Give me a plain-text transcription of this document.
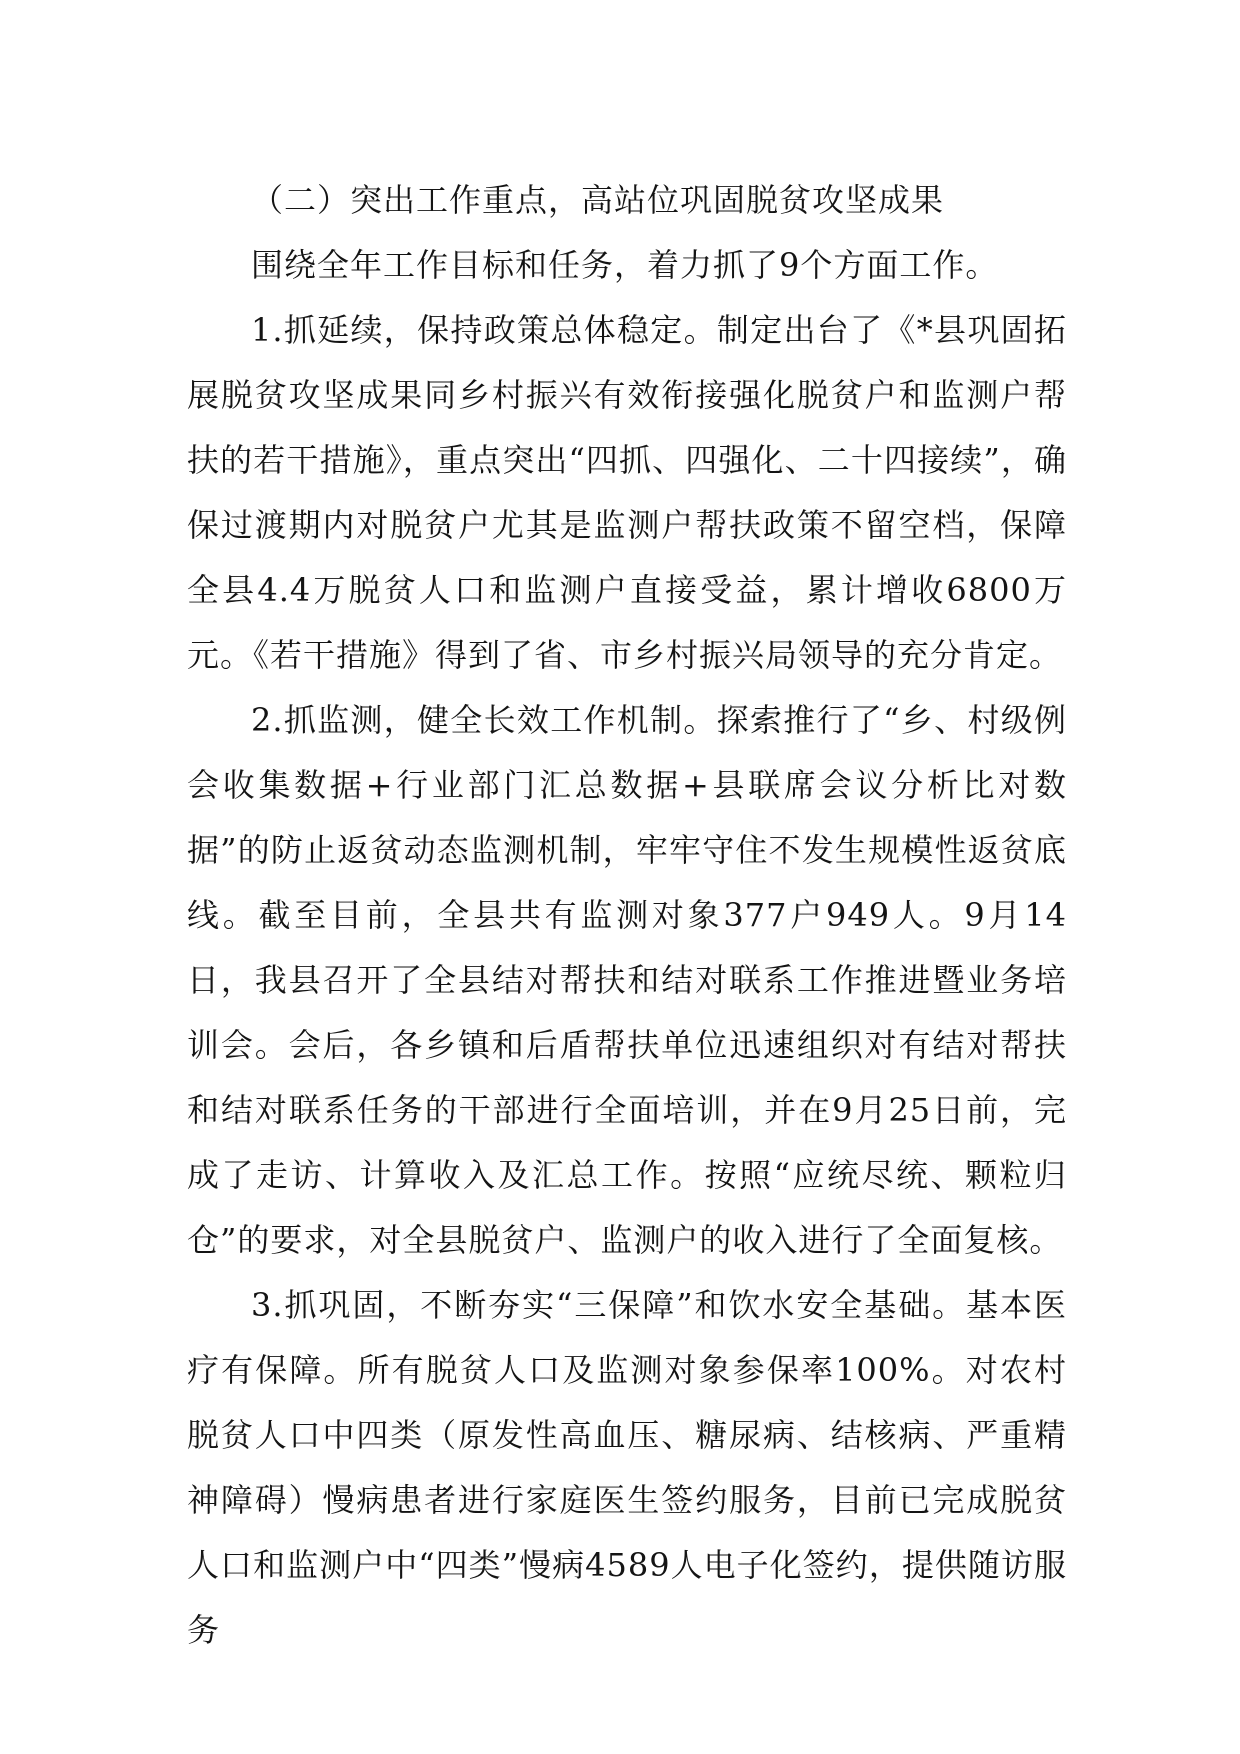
（二）突出工作重点，高站位巩固脱贫攻坚成果

围绕全年工作目标和任务，着力抓了9个方面工作。

1.抓延续，保持政策总体稳定。制定出台了《*县巩固拓展脱贫攻坚成果同乡村振兴有效衔接强化脱贫户和监测户帮扶的若干措施》，重点突出“四抓、四强化、二十四接续”，确保过渡期内对脱贫户尤其是监测户帮扶政策不留空档，保障全县4.4万脱贫人口和监测户直接受益，累计增收6800万元。《若干措施》得到了省、市乡村振兴局领导的充分肯定。

2.抓监测，健全长效工作机制。探索推行了“乡、村级例会收集数据+行业部门汇总数据+县联席会议分析比对数据”的防止返贫动态监测机制，牢牢守住不发生规模性返贫底线。截至目前，全县共有监测对象377户949人。9月14日，我县召开了全县结对帮扶和结对联系工作推进暨业务培训会。会后，各乡镇和后盾帮扶单位迅速组织对有结对帮扶和结对联系任务的干部进行全面培训，并在9月25日前，完成了走访、计算收入及汇总工作。按照“应统尽统、颗粒归仓”的要求，对全县脱贫户、监测户的收入进行了全面复核。

3.抓巩固，不断夯实“三保障”和饮水安全基础。基本医疗有保障。所有脱贫人口及监测对象参保率100%。对农村脱贫人口中四类（原发性高血压、糖尿病、结核病、严重精神障碍）慢病患者进行家庭医生签约服务，目前已完成脱贫人口和监测户中“四类”慢病4589人电子化签约，提供随访服务
